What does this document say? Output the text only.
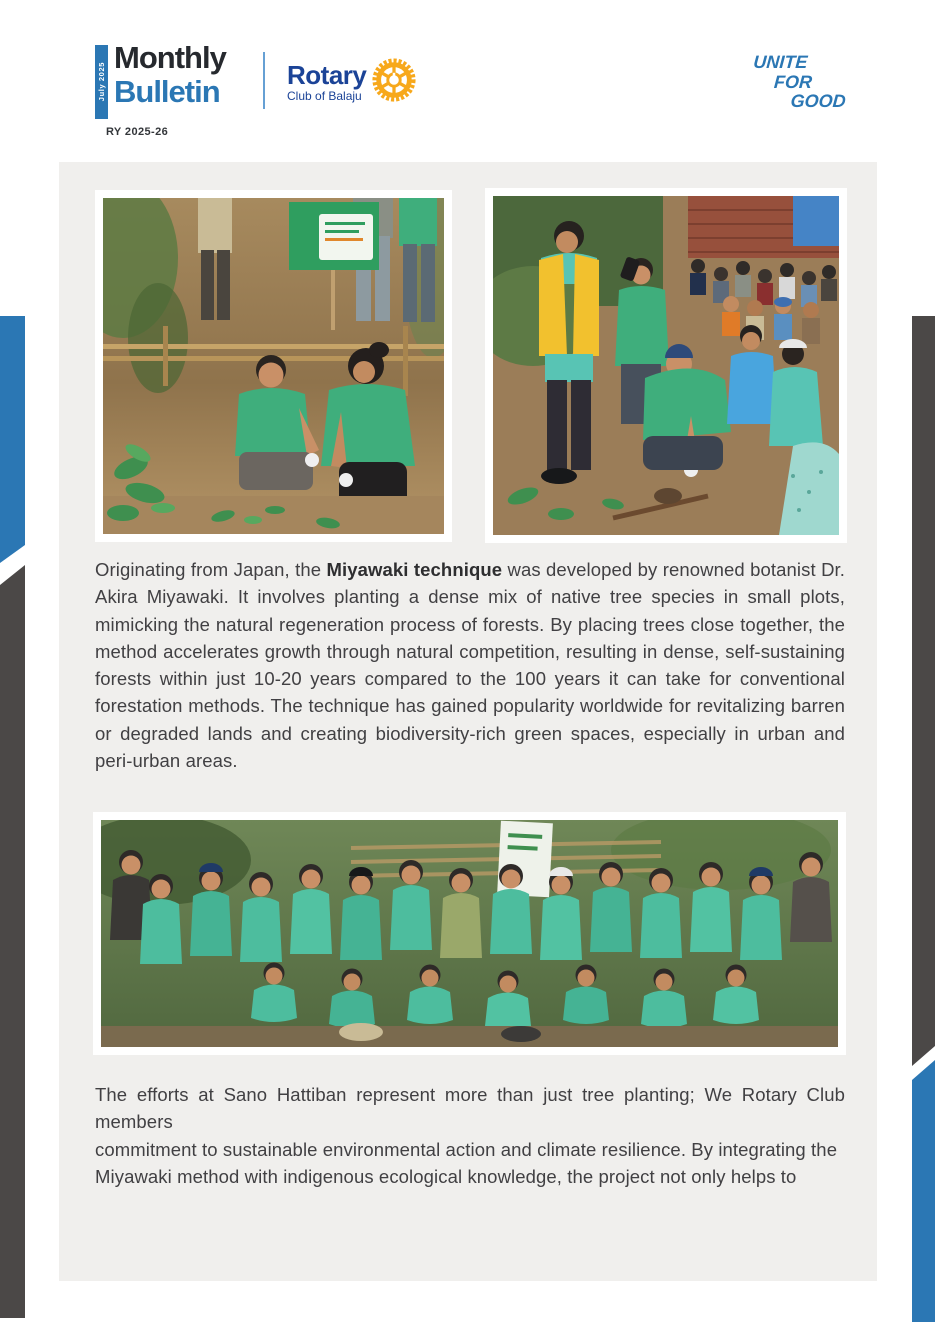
July 2025
Monthly
Bulletin
RY 2025-26
Rotary
Club of Balaju
UNITE
FOR
GOOD
Originating from Japan, the Miyawaki technique was developed by renowned botanist Dr. Akira Miyawaki. It involves planting a dense mix of native tree species in small plots, mimicking the natural regeneration process of forests. By placing trees close together, the method accelerates growth through natural competition, resulting in dense, self-sustaining forests within just 10-20 years compared to the 100 years it can take for conventional forestation methods. The technique has gained popularity worldwide for revitalizing barren or degraded lands and creating biodiversity-rich green spaces, especially in urban and peri-urban areas.

The efforts at Sano Hattiban represent more than just tree planting; We Rotary Club members

commitment to sustainable environmental action and climate resilience. By integrating the

Miyawaki method with indigenous ecological knowledge, the project not only helps to
